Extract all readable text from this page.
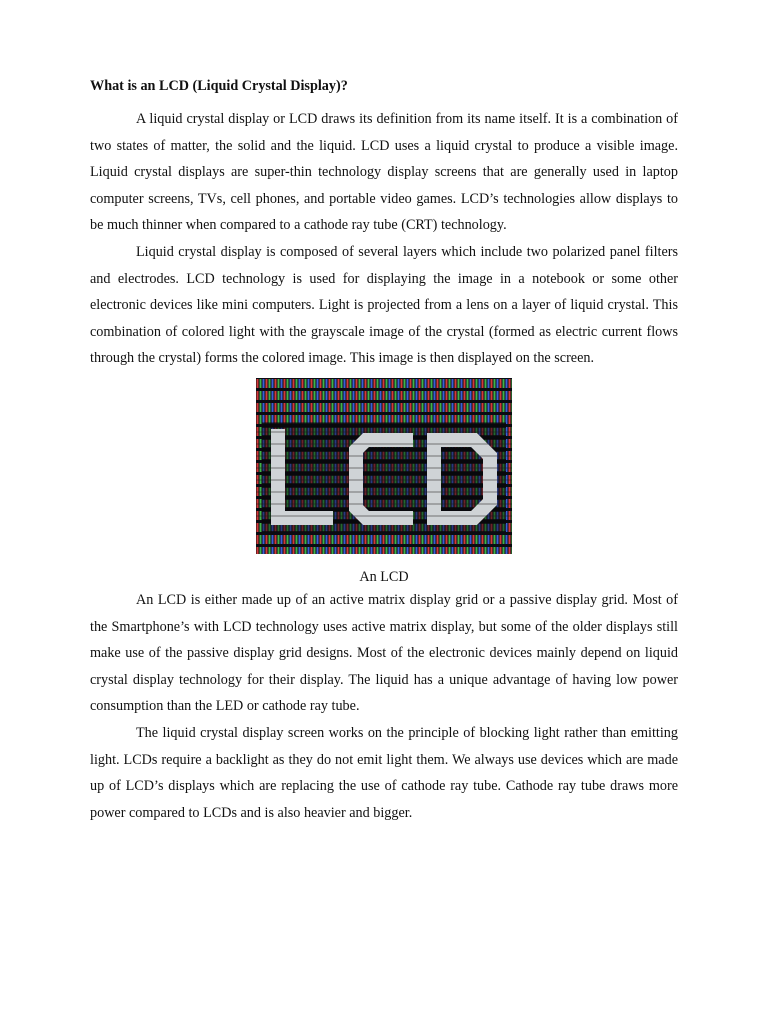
What is an LCD (Liquid Crystal Display)?

A liquid crystal display or LCD draws its definition from its name itself. It is a combination of two states of matter, the solid and the liquid. LCD uses a liquid crystal to produce a visible image. Liquid crystal displays are super-thin technology display screens that are generally used in laptop computer screens, TVs, cell phones, and portable video games. LCD’s technologies allow displays to be much thinner when compared to a cathode ray tube (CRT) technology.

Liquid crystal display is composed of several layers which include two polarized panel filters and electrodes. LCD technology is used for displaying the image in a notebook or some other electronic devices like mini computers. Light is projected from a lens on a layer of liquid crystal. This combination of colored light with the grayscale image of the crystal (formed as electric current flows through the crystal) forms the colored image. This image is then displayed on the screen.

An LCD

An LCD is either made up of an active matrix display grid or a passive display grid. Most of the Smartphone’s with LCD technology uses active matrix display, but some of the older displays still make use of the passive display grid designs. Most of the electronic devices mainly depend on liquid crystal display technology for their display. The liquid has a unique advantage of having low power consumption than the LED or cathode ray tube.

The liquid crystal display screen works on the principle of blocking light rather than emitting light. LCDs require a backlight as they do not emit light them. We always use devices which are made up of LCD’s displays which are replacing the use of cathode ray tube. Cathode ray tube draws more power compared to LCDs and is also heavier and bigger.
